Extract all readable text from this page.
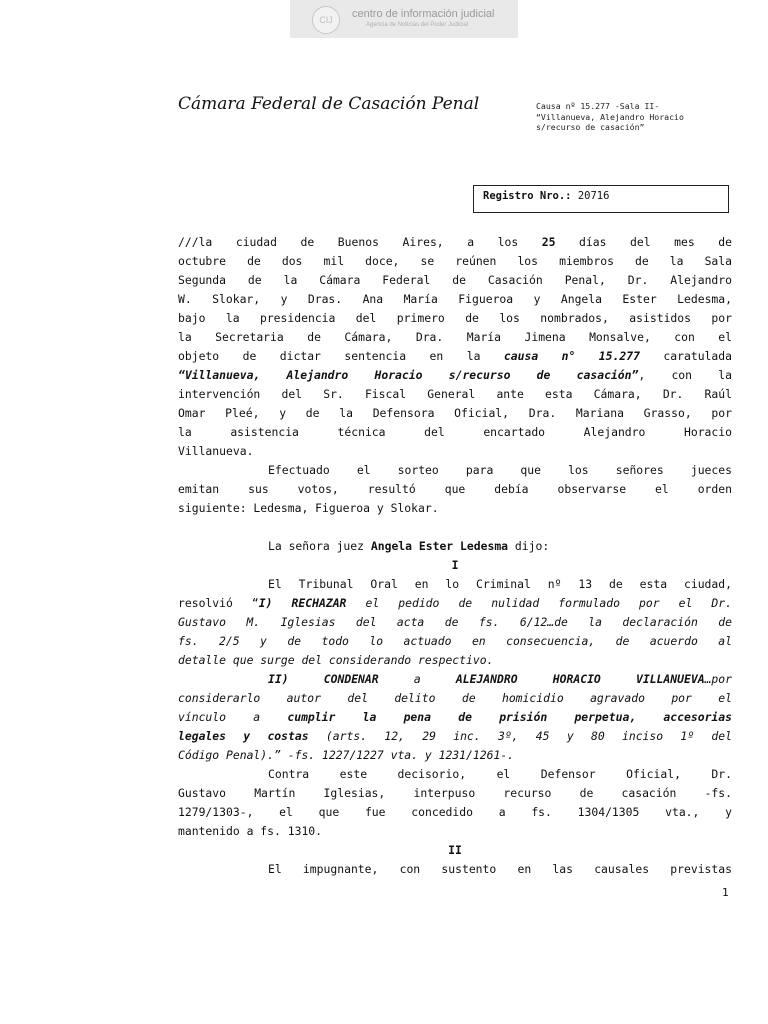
CIJ	centro de información judicial
Agencia de Noticias del Poder Judicial
Cámara Federal de Casación Penal	Causa nº 15.277 -Sala II-
“Villanueva, Alejandro Horacio
s/recurso de casación”
Registro Nro.: 20716
///la ciudad de Buenos Aires, a los 25 días del mes de
octubre de dos mil doce, se reúnen los miembros de la Sala
Segunda de la Cámara Federal de Casación Penal, Dr. Alejandro
W. Slokar, y Dras. Ana María Figueroa y Angela Ester Ledesma,
bajo la presidencia del primero de los nombrados, asistidos por
la Secretaria de Cámara, Dra. María Jimena Monsalve, con el
objeto de dictar sentencia en la causa n° 15.277 caratulada
“Villanueva, Alejandro Horacio s/recurso de casación”, con la
intervención del Sr. Fiscal General ante esta Cámara, Dr. Raúl
Omar Pleé, y de la Defensora Oficial, Dra. Mariana Grasso, por
la asistencia técnica del encartado Alejandro Horacio
Villanueva.
Efectuado el sorteo para que los señores jueces
emitan sus votos, resultó que debía observarse el orden
siguiente: Ledesma, Figueroa y Slokar.
La señora juez Angela Ester Ledesma dijo:
I
El Tribunal Oral en lo Criminal nº 13 de esta ciudad,
resolvió “I) RECHAZAR el pedido de nulidad formulado por el Dr.
Gustavo M. Iglesias del acta de fs. 6/12…de la declaración de
fs. 2/5 y de todo lo actuado en consecuencia, de acuerdo al
detalle que surge del considerando respectivo.
II) CONDENAR a ALEJANDRO HORACIO VILLANUEVA…por
considerarlo autor del delito de homicidio agravado por el
vínculo a cumplir la pena de prisión perpetua, accesorias
legales y costas (arts. 12, 29 inc. 3º, 45 y 80 inciso 1º del
Código Penal).” -fs. 1227/1227 vta. y 1231/1261-.
Contra este decisorio, el Defensor Oficial, Dr.
Gustavo Martín Iglesias, interpuso recurso de casación -fs.
1279/1303-, el que fue concedido a fs. 1304/1305 vta., y
mantenido a fs. 1310.
II
El impugnante, con sustento en las causales previstas
1
